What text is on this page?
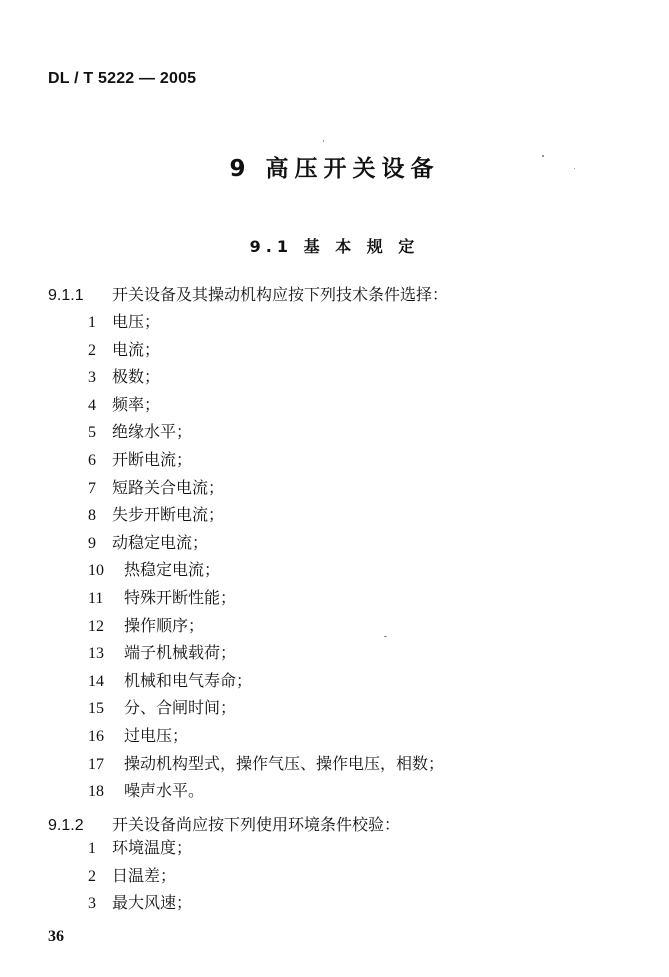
DL / T 5222 — 2005
9 高压开关设备
9.1 基 本 规 定
9.1.1 开关设备及其操动机构应按下列技术条件选择：
1 电压；
2 电流；
3 极数；
4 频率；
5 绝缘水平；
6 开断电流；
7 短路关合电流；
8 失步开断电流；
9 动稳定电流；
10 热稳定电流；
11 特殊开断性能；
12 操作顺序；
13 端子机械载荷；
14 机械和电气寿命；
15 分、合闸时间；
16 过电压；
17 操动机构型式，操作气压、操作电压，相数；
18 噪声水平。
9.1.2 开关设备尚应按下列使用环境条件校验：
1 环境温度；
2 日温差；
3 最大风速；
36
